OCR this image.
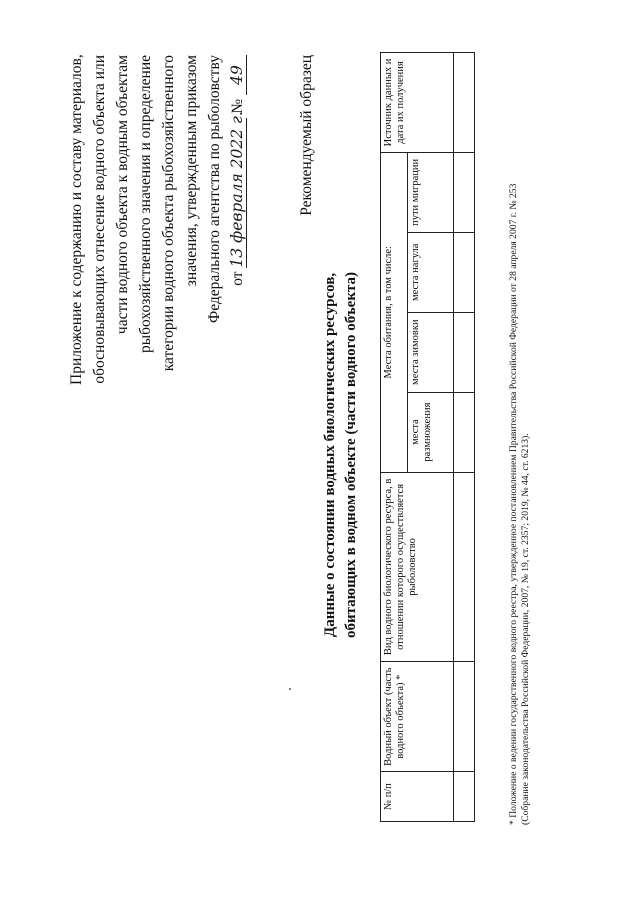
Приложение к содержанию и составу материалов, обосновывающих отнесение водного объекта или части водного объекта к водным объектам рыбохозяйственного значения и определение категории водного объекта рыбохозяйственного значения, утвержденным приказом Федерального агентства по рыболовству от 13 февраля 2022 г. № 49	Рекомендуемый образец
Данные о состоянии водных биологических ресурсов, обитающих в водном объекте (части водного объекта)
№ п/п	Водный объект (часть водного объекта) *	Вид водного биологического ресурса, в отношении которого осуществляется рыболовство	Места обитания, в том числе:				Источник данных и дата их получения
			места размножения	места зимовки	места нагула	пути миграции	
								* Положение о ведении государственного водного реестра, утвержденное постановлением Правительства Российской Федерации от 28 апреля 2007 г. № 253 (Собрание законодательства Российской Федерации, 2007, № 19, ст. 2357; 2019, № 44, ст. 6213).
